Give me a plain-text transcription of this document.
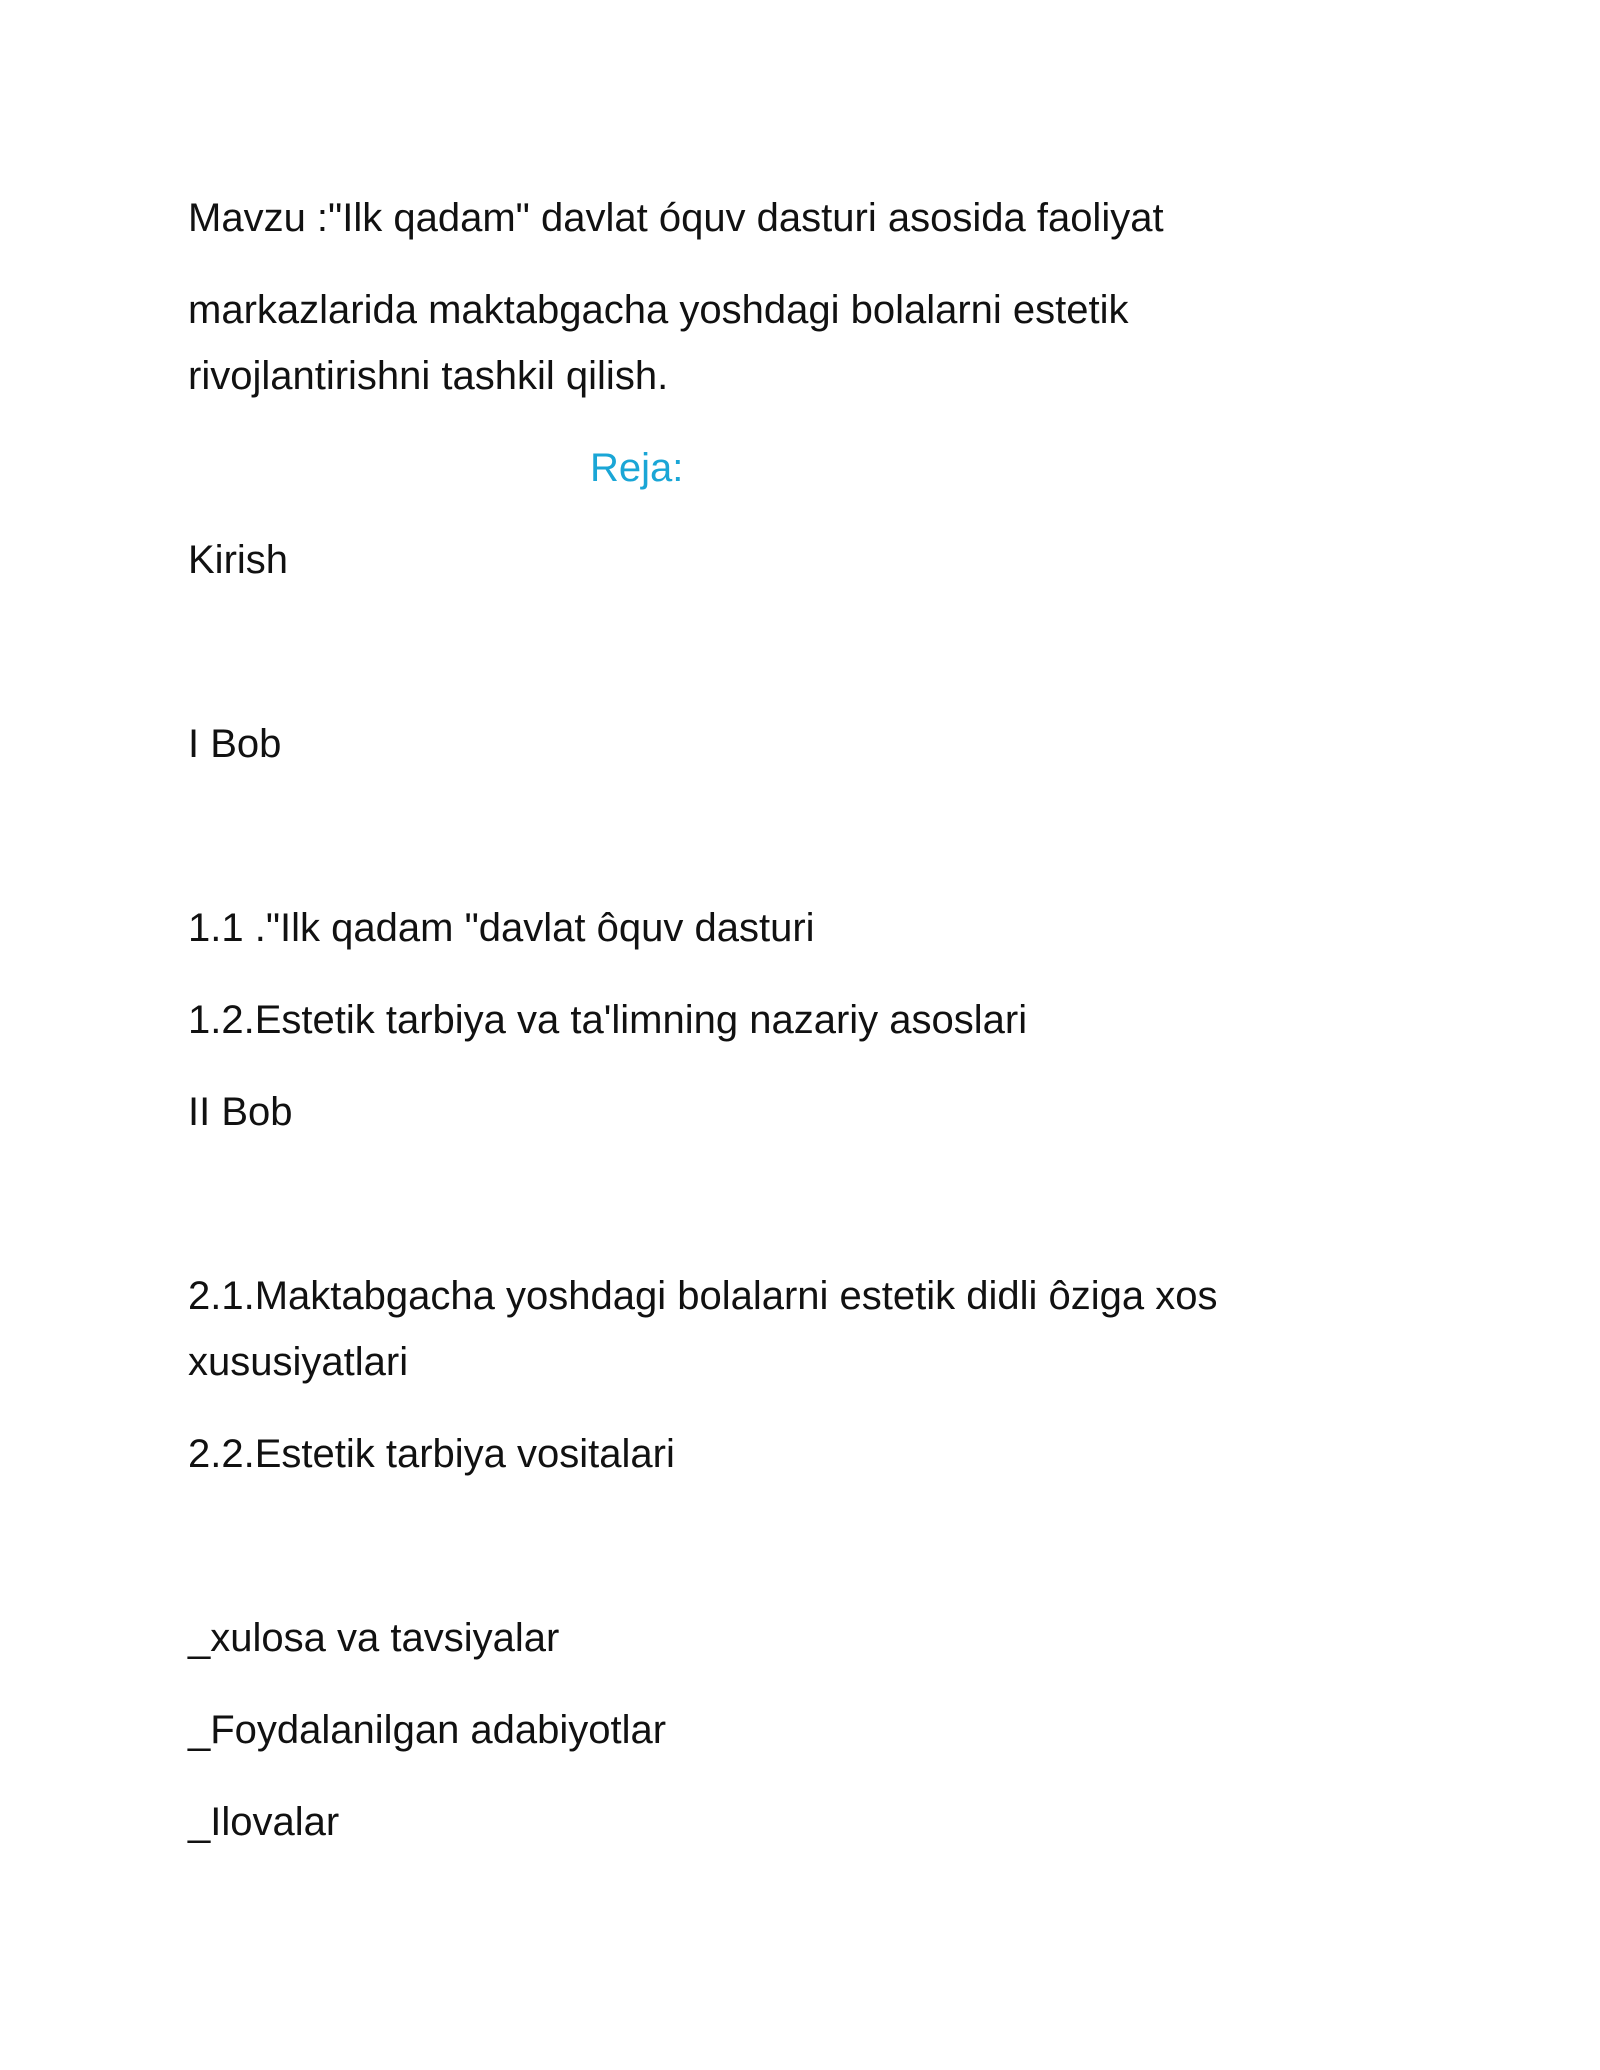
Mavzu :"Ilk qadam" davlat óquv dasturi asosida faoliyat
markazlarida maktabgacha yoshdagi bolalarni estetik
rivojlantirishni tashkil qilish.
Reja:
Kirish
I Bob
1.1 ."Ilk qadam "davlat ôquv dasturi
1.2.Estetik tarbiya va ta'limning nazariy asoslari
II Bob
2.1.Maktabgacha yoshdagi bolalarni estetik didli ôziga xos
xususiyatlari
2.2.Estetik tarbiya vositalari
_xulosa va tavsiyalar
_Foydalanilgan adabiyotlar
_Ilovalar
